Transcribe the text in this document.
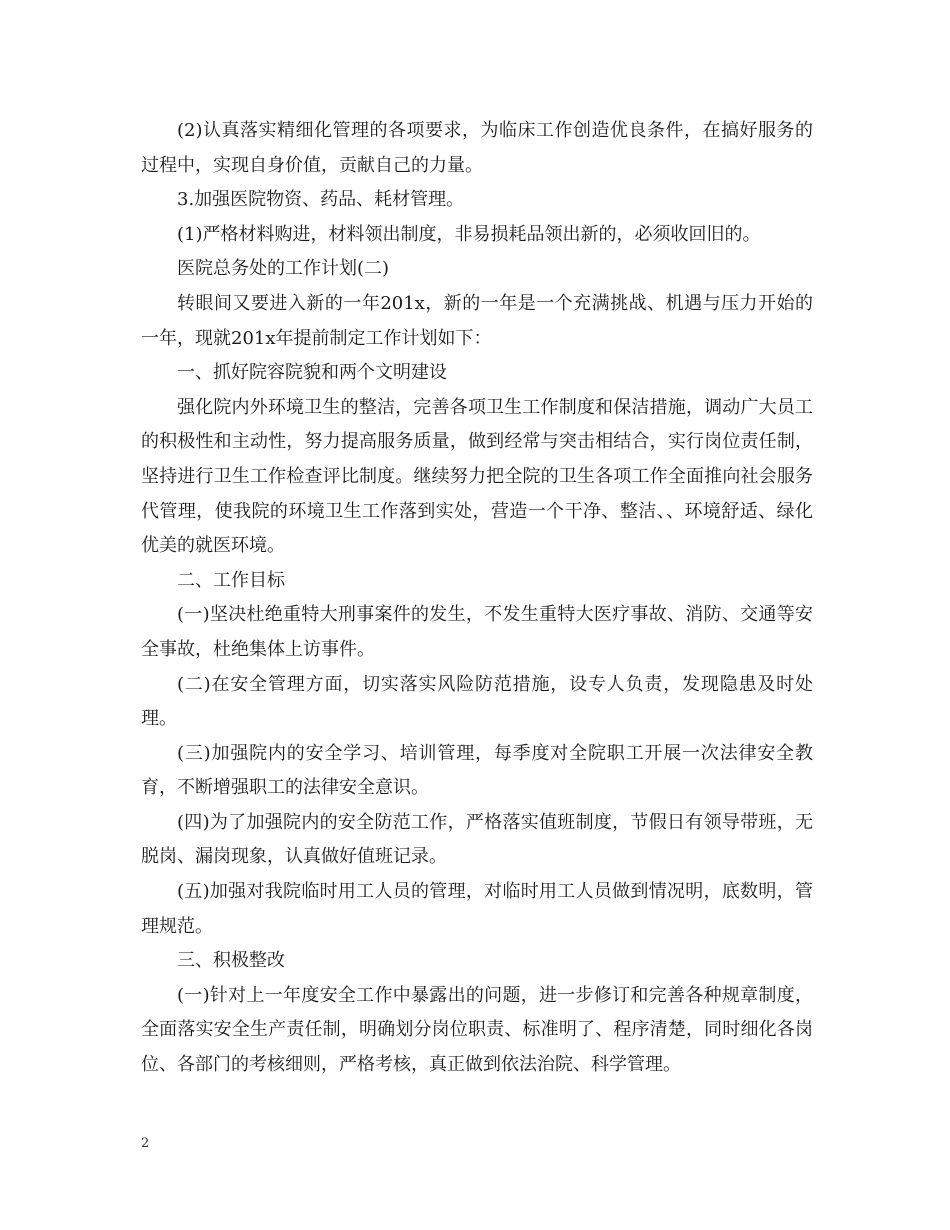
(2)认真落实精细化管理的各项要求，为临床工作创造优良条件，在搞好服务的过程中，实现自身价值，贡献自己的力量。

3.加强医院物资、药品、耗材管理。

(1)严格材料购进，材料领出制度，非易损耗品领出新的，必须收回旧的。

医院总务处的工作计划(二)

转眼间又要进入新的一年201x，新的一年是一个充满挑战、机遇与压力开始的一年，现就201x年提前制定工作计划如下：

一、抓好院容院貌和两个文明建设

强化院内外环境卫生的整洁，完善各项卫生工作制度和保洁措施，调动广大员工的积极性和主动性，努力提高服务质量，做到经常与突击相结合，实行岗位责任制，坚持进行卫生工作检查评比制度。继续努力把全院的卫生各项工作全面推向社会服务代管理，使我院的环境卫生工作落到实处，营造一个干净、整洁、、环境舒适、绿化优美的就医环境。

二、工作目标

(一)坚决杜绝重特大刑事案件的发生，不发生重特大医疗事故、消防、交通等安全事故，杜绝集体上访事件。

(二)在安全管理方面，切实落实风险防范措施，设专人负责，发现隐患及时处理。

(三)加强院内的安全学习、培训管理，每季度对全院职工开展一次法律安全教育，不断增强职工的法律安全意识。

(四)为了加强院内的安全防范工作，严格落实值班制度，节假日有领导带班，无脱岗、漏岗现象，认真做好值班记录。

(五)加强对我院临时用工人员的管理，对临时用工人员做到情况明，底数明，管理规范。

三、积极整改

(一)针对上一年度安全工作中暴露出的问题，进一步修订和完善各种规章制度，全面落实安全生产责任制，明确划分岗位职责、标准明了、程序清楚，同时细化各岗位、各部门的考核细则，严格考核，真正做到依法治院、科学管理。

2
